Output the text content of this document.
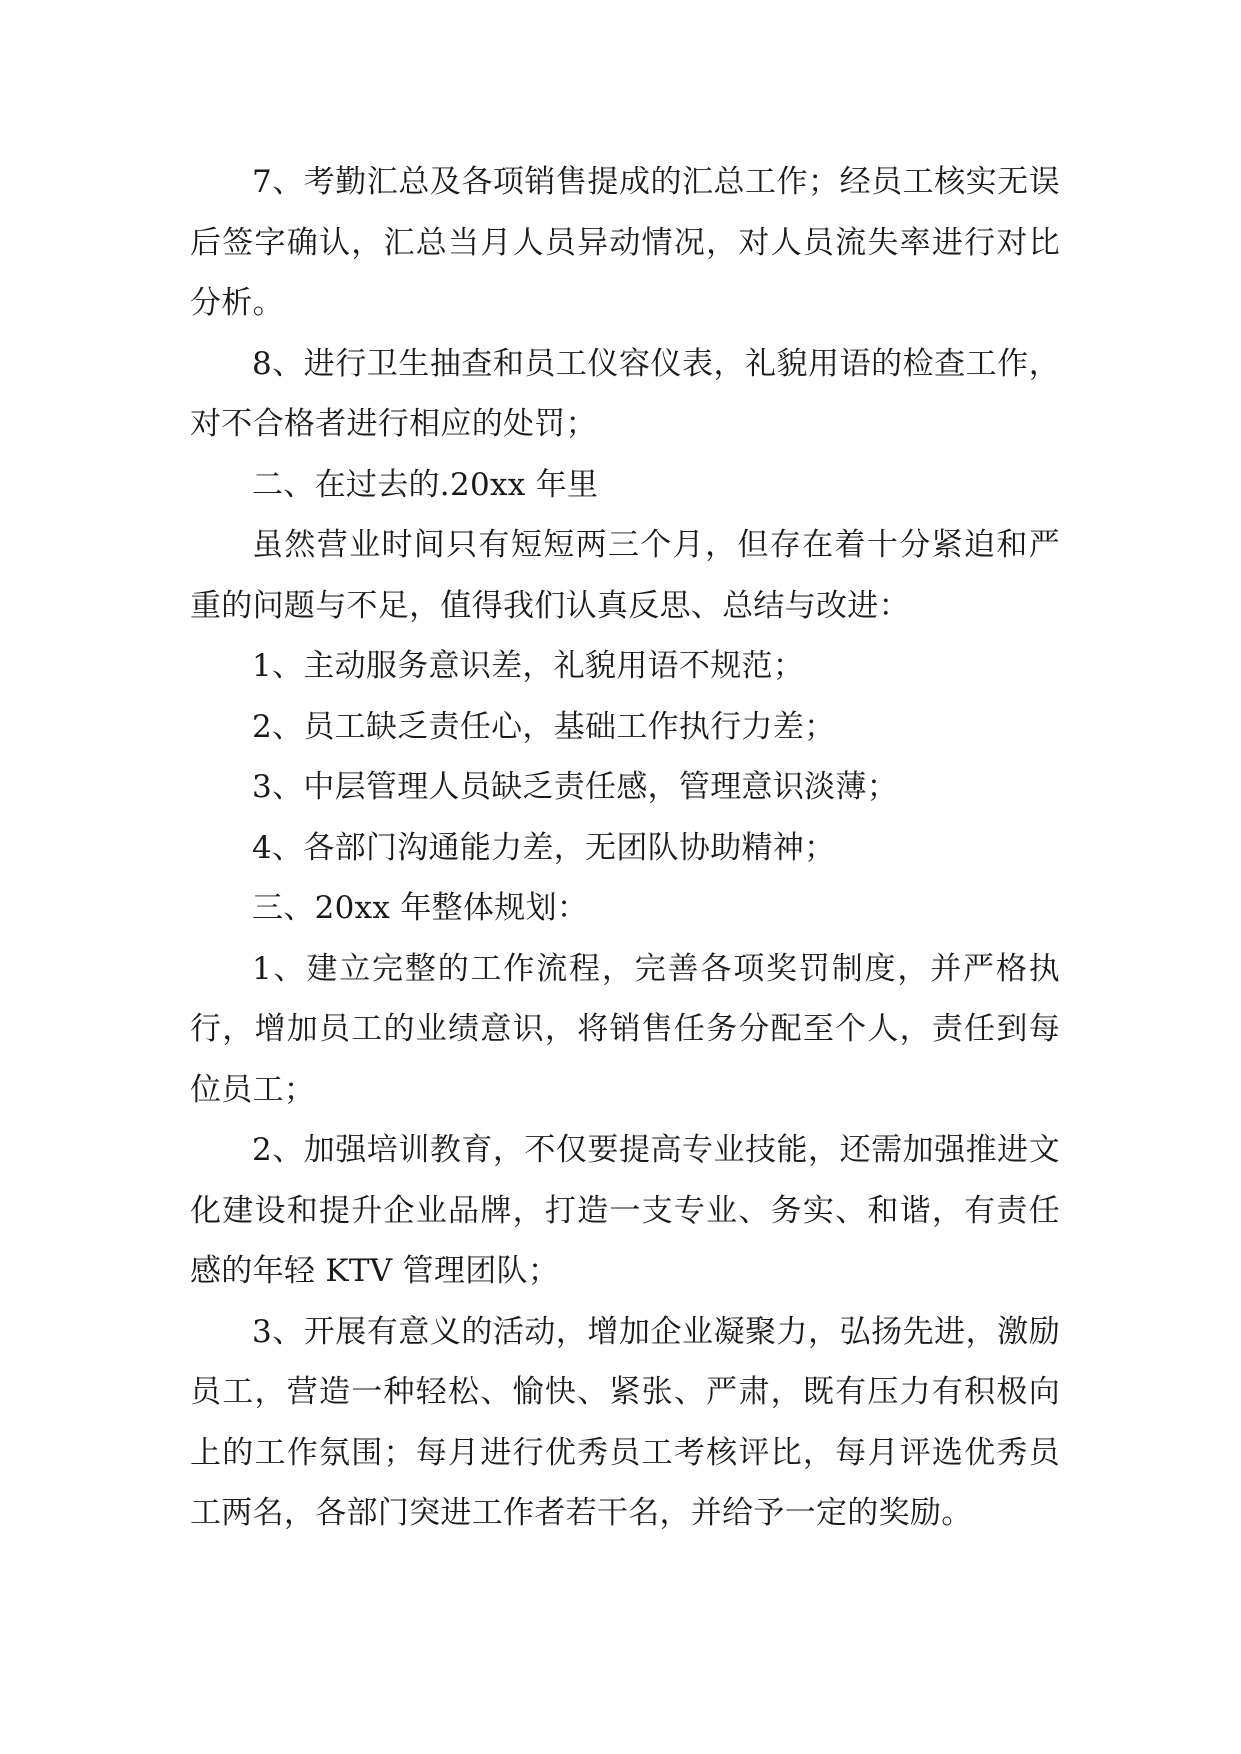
7、考勤汇总及各项销售提成的汇总工作；经员工核实无误后签字确认，汇总当月人员异动情况，对人员流失率进行对比分析。

8、进行卫生抽查和员工仪容仪表，礼貌用语的检查工作，对不合格者进行相应的处罚；

二、在过去的.20xx 年里

虽然营业时间只有短短两三个月，但存在着十分紧迫和严重的问题与不足，值得我们认真反思、总结与改进：

1、主动服务意识差，礼貌用语不规范；

2、员工缺乏责任心，基础工作执行力差；

3、中层管理人员缺乏责任感，管理意识淡薄；

4、各部门沟通能力差，无团队协助精神；

三、20xx 年整体规划：

1、建立完整的工作流程，完善各项奖罚制度，并严格执行，增加员工的业绩意识，将销售任务分配至个人，责任到每位员工；

2、加强培训教育，不仅要提高专业技能，还需加强推进文化建设和提升企业品牌，打造一支专业、务实、和谐，有责任感的年轻 KTV 管理团队；

3、开展有意义的活动，增加企业凝聚力，弘扬先进，激励员工，营造一种轻松、愉快、紧张、严肃，既有压力有积极向上的工作氛围；每月进行优秀员工考核评比，每月评选优秀员工两名，各部门突进工作者若干名，并给予一定的奖励。
